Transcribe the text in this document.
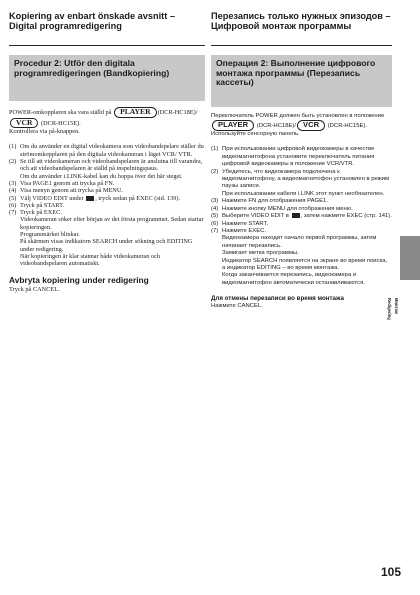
Kopiering av enbart önskade avsnitt – Digital programredigering
Procedur 2: Utför den digitala programredigeringen (Bandkopiering)
POWER-omkopplaren ska vara ställd på PLAYER (DCR-HC18E)/VCR (DCR-HC15E).
Kontrollera via på-knappen.
(1) Om du använder en digital videokamera som videobandspelare ställer du strömomkopplaren på den digitala videokameran i läget VCR/ VTR.
(2) Se till att videokameran och videobandspelaren är anslutna till varandra, och att videobandspelaren är ställd på inspelningspaus.
Om du använder i.LINK-kabel kan du hoppa över det här steget.
(3) Visa PAGE1 genom att trycka på FN.
(4) Visa menyn genom att trycka på MENU.
(5) Välj VIDEO EDIT under , tryck sedan på EXEC (sid. 139).
(6) Tryck på START.
(7) Tryck på EXEC.
Videokameran söker efter början av det första programmet. Sedan startar kopieringen.
Programmärket blinkar.
På skärmen visas indikatorn SEARCH under sökning och EDITING under redigering.
När kopieringen är klar stannar både videokameran och videobandspelaren automatiskt.
Avbryta kopiering under redigering
Tryck på CANCEL.
Перезапись только нужных эпизодов – Цифровой монтаж программы
Операция 2: Выполнение цифрового монтажа программы (Перезапись кассеты)
Переключатель POWER должен быть установлен в положение PLAYER (DCR-HC18E)/ VCR (DCR-HC15E).
Используйте сенсорную панель.
(1) При использовании цифровой видеокамеры в качестве видеомагнитофона установите переключатель питания цифровой видеокамеры в положение VCR/VTR.
(2) Убедитесь, что видеокамера подключена к видеомагнитофону, а видеомагнитофон установлен в режим паузы записи.
При использовании кабеля i.LINK этот пункт необязателен.
(3) Нажмите FN для отображения PAGE1.
(4) Нажмите кнопку MENU для отображения меню.
(5) Выберите VIDEO EDIT в , затем нажмите EXEC (стр. 141).
(6) Нажмите START.
(7) Нажмите EXEC.
Видеокамера находит начало первой программы, затем начинает перезапись.
Замигает метка программы.
Индикатор SEARCH появляется на экране во время поиска, а индикатор EDITING – во время монтажа.
Когда заканчивается перезапись, видеокамера и видеомагнитофон автоматически останавливаются.
Для отмены перезаписи во время монтажа
Нажмите CANCEL.	Redigering Монтаж
105
